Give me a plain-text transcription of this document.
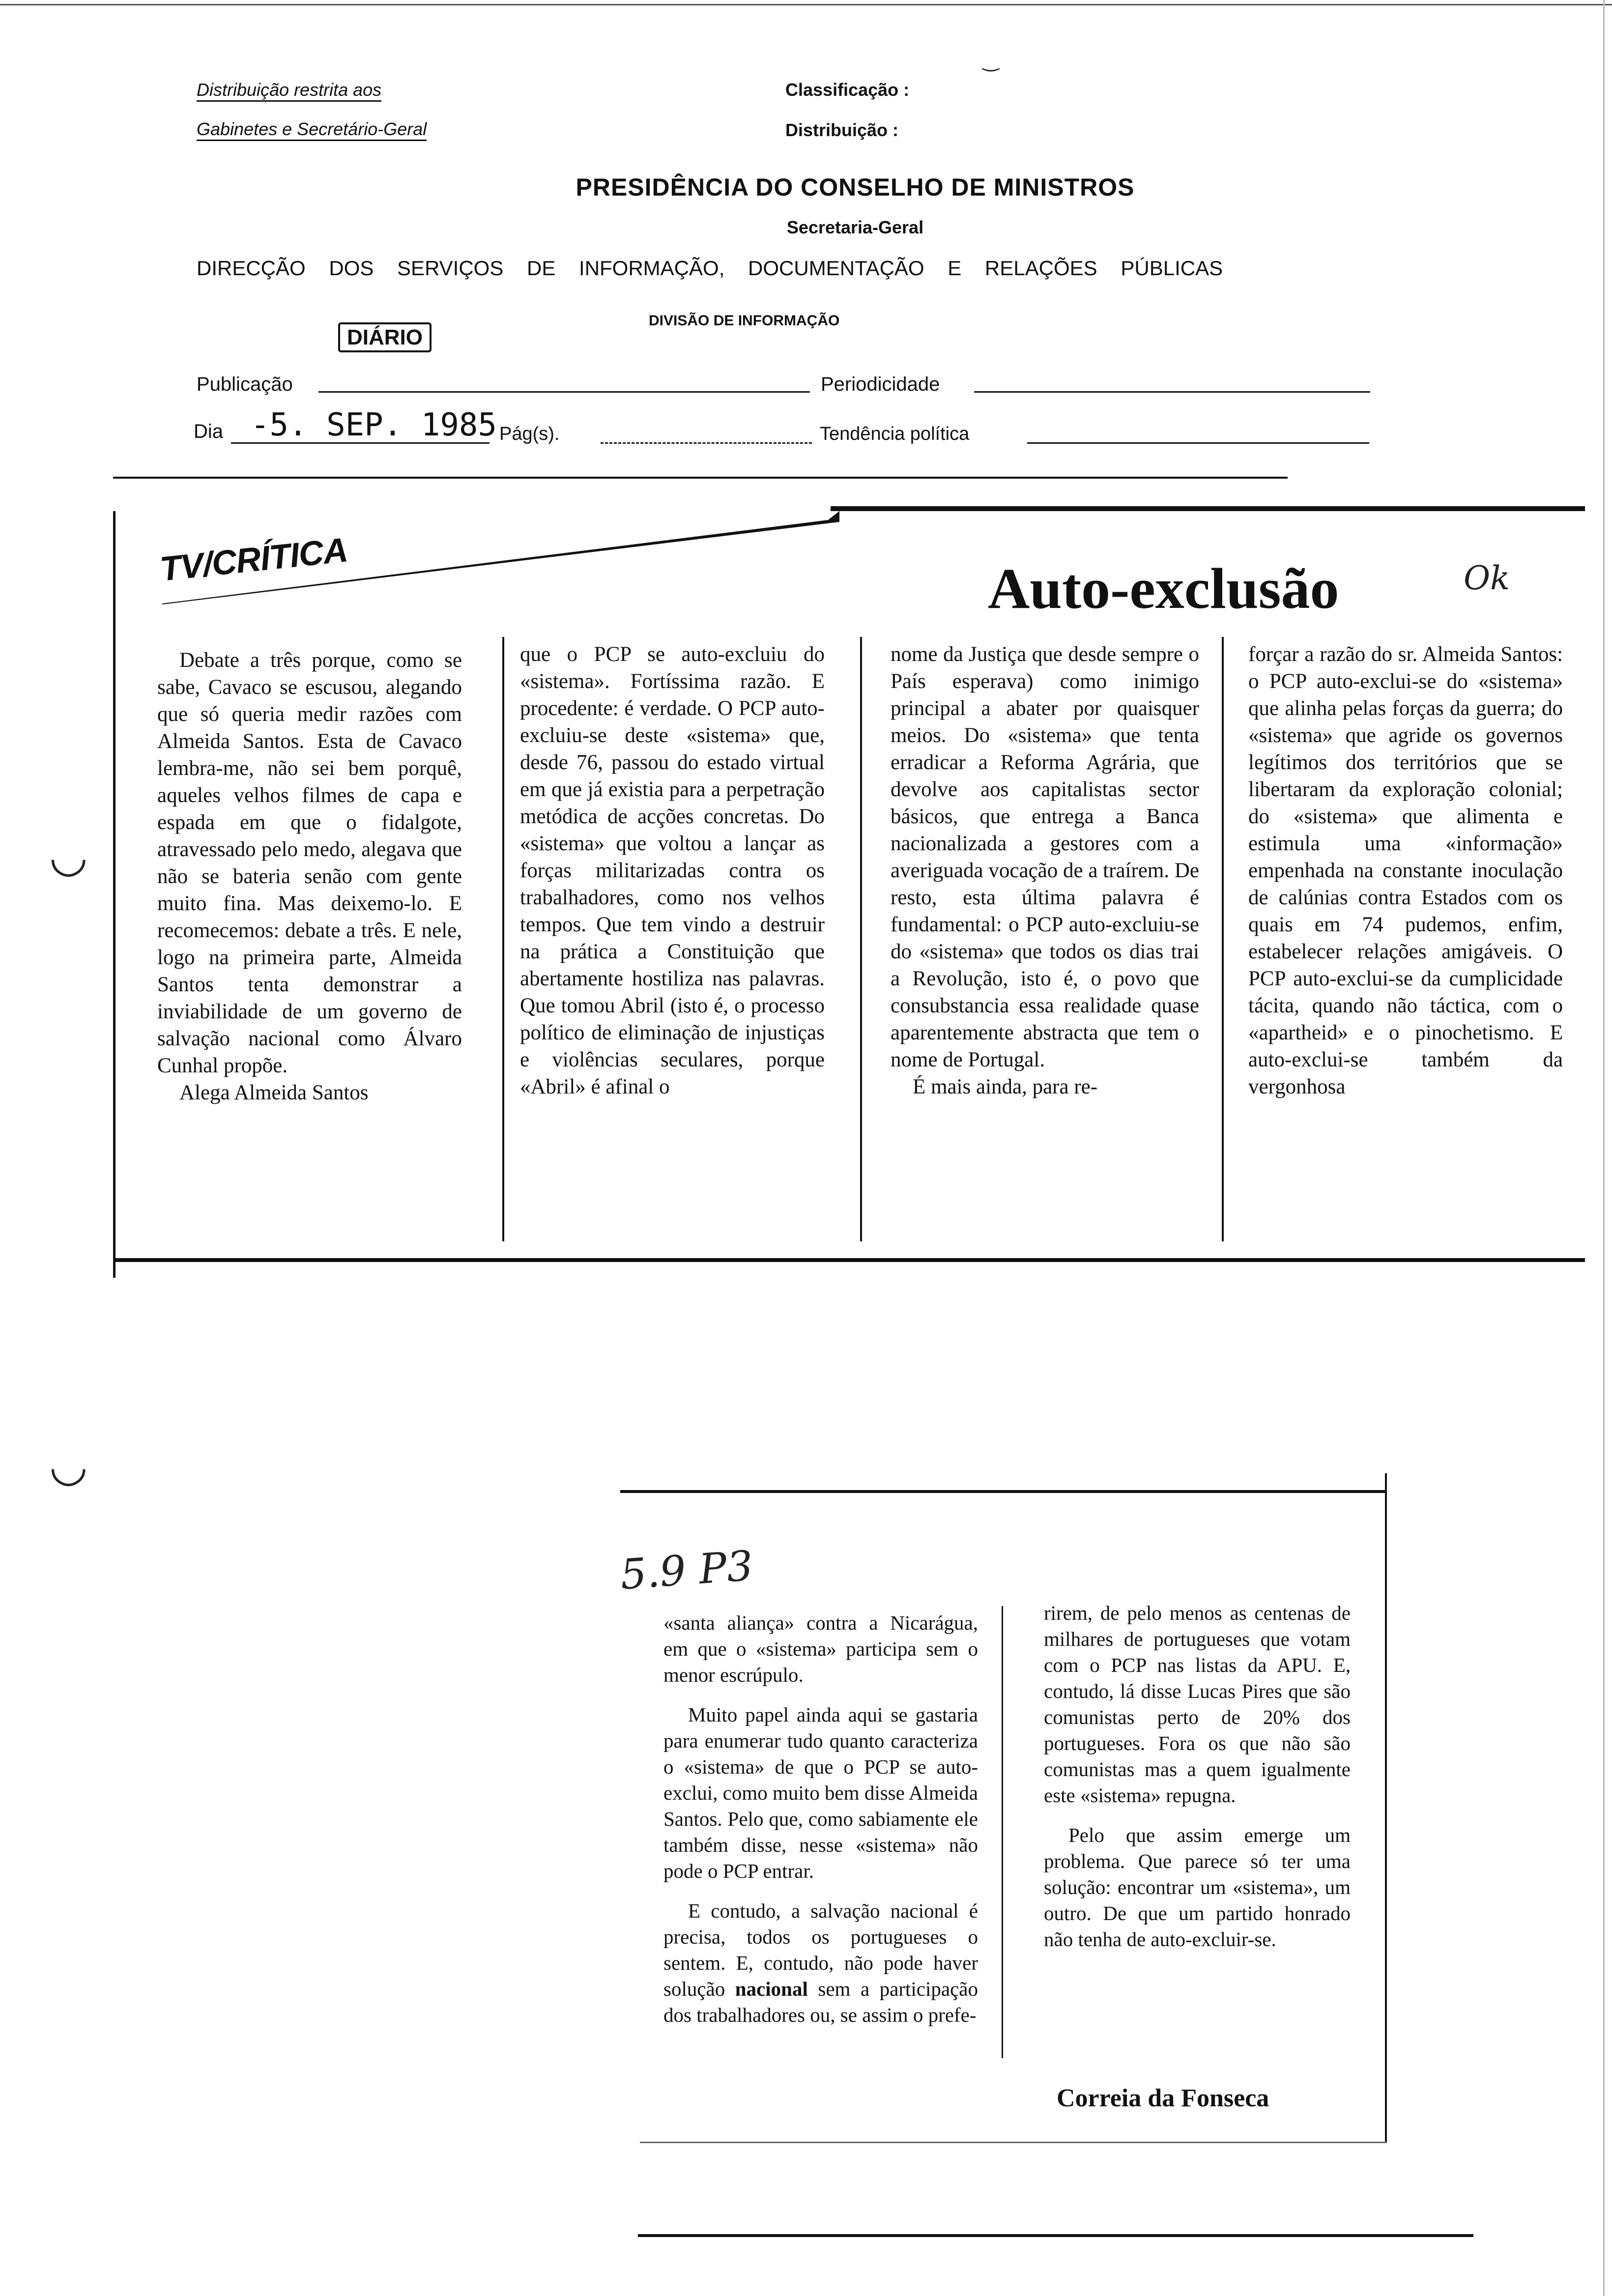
Distribuição restrita aos
Gabinetes e Secretário-Geral
Classificação :
Distribuição :
‿
PRESIDÊNCIA DO CONSELHO DE MINISTROS
Secretaria-Geral
DIRECÇÃO DOS SERVIÇOS DE INFORMAÇÃO, DOCUMENTAÇÃO E RELAÇÕES PÚBLICAS
DIVISÃO DE INFORMAÇÃO
DIÁRIO
Publicação	Periodicidade
Dia -5. SEP. 1985 Pág(s).	Tendência política
TV/CRÍTICA	Auto-exclusão	Ok

Debate a três porque, como se sabe, Cavaco se escusou, alegando que só queria medir razões com Almeida Santos. Esta de Cavaco lembra-me, não sei bem porquê, aqueles velhos filmes de capa e espada em que o fidalgote, atravessado pelo medo, alegava que não se bateria senão com gente muito fina. Mas deixemo-lo. E recomecemos: debate a três. E nele, logo na primeira parte, Almeida Santos tenta demonstrar a inviabilidade de um governo de salvação nacional como Álvaro Cunhal propõe.

Alega Almeida Santos

que o PCP se auto-excluiu do «sistema». Fortíssima razão. E procedente: é verdade. O PCP auto-excluiu-se deste «sistema» que, desde 76, passou do estado virtual em que já existia para a perpetração metódica de acções concretas. Do «sistema» que voltou a lançar as forças militarizadas contra os trabalhadores, como nos velhos tempos. Que tem vindo a destruir na prática a Constituição que abertamente hostiliza nas palavras. Que tomou Abril (isto é, o processo político de eliminação de injustiças e violências seculares, porque «Abril» é afinal o

nome da Justiça que desde sempre o País esperava) como inimigo principal a abater por quaisquer meios. Do «sistema» que tenta erradicar a Reforma Agrária, que devolve aos capitalistas sector básicos, que entrega a Banca nacionalizada a gestores com a averiguada vocação de a traírem. De resto, esta última palavra é fundamental: o PCP auto-excluiu-se do «sistema» que todos os dias trai a Revolução, isto é, o povo que consubstancia essa realidade quase aparentemente abstracta que tem o nome de Portugal.

É mais ainda, para re-

forçar a razão do sr. Almeida Santos: o PCP auto-exclui-se do «sistema» que alinha pelas forças da guerra; do «sistema» que agride os governos legítimos dos territórios que se libertaram da exploração colonial; do «sistema» que alimenta e estimula uma «informação» empenhada na constante inoculação de calúnias contra Estados com os quais em 74 pudemos, enfim, estabelecer relações amigáveis. O PCP auto-exclui-se da cumplicidade tácita, quando não táctica, com o «apartheid» e o pinochetismo. E auto-exclui-se também da vergonhosa

◡
◡
5.9 P3

«santa aliança» contra a Nicarágua, em que o «sistema» participa sem o menor escrúpulo.

Muito papel ainda aqui se gastaria para enumerar tudo quanto caracteriza o «sistema» de que o PCP se auto-exclui, como muito bem disse Almeida Santos. Pelo que, como sabiamente ele também disse, nesse «sistema» não pode o PCP entrar.

E contudo, a salvação nacional é precisa, todos os portugueses o sentem. E, contudo, não pode haver solução nacional sem a participação dos trabalhadores ou, se assim o prefe-

rirem, de pelo menos as centenas de milhares de portugueses que votam com o PCP nas listas da APU. E, contudo, lá disse Lucas Pires que são comunistas perto de 20% dos portugueses. Fora os que não são comunistas mas a quem igualmente este «sistema» repugna.

Pelo que assim emerge um problema. Que parece só ter uma solução: encontrar um «sistema», um outro. De que um partido honrado não tenha de auto-excluir-se.

Correia da Fonseca
